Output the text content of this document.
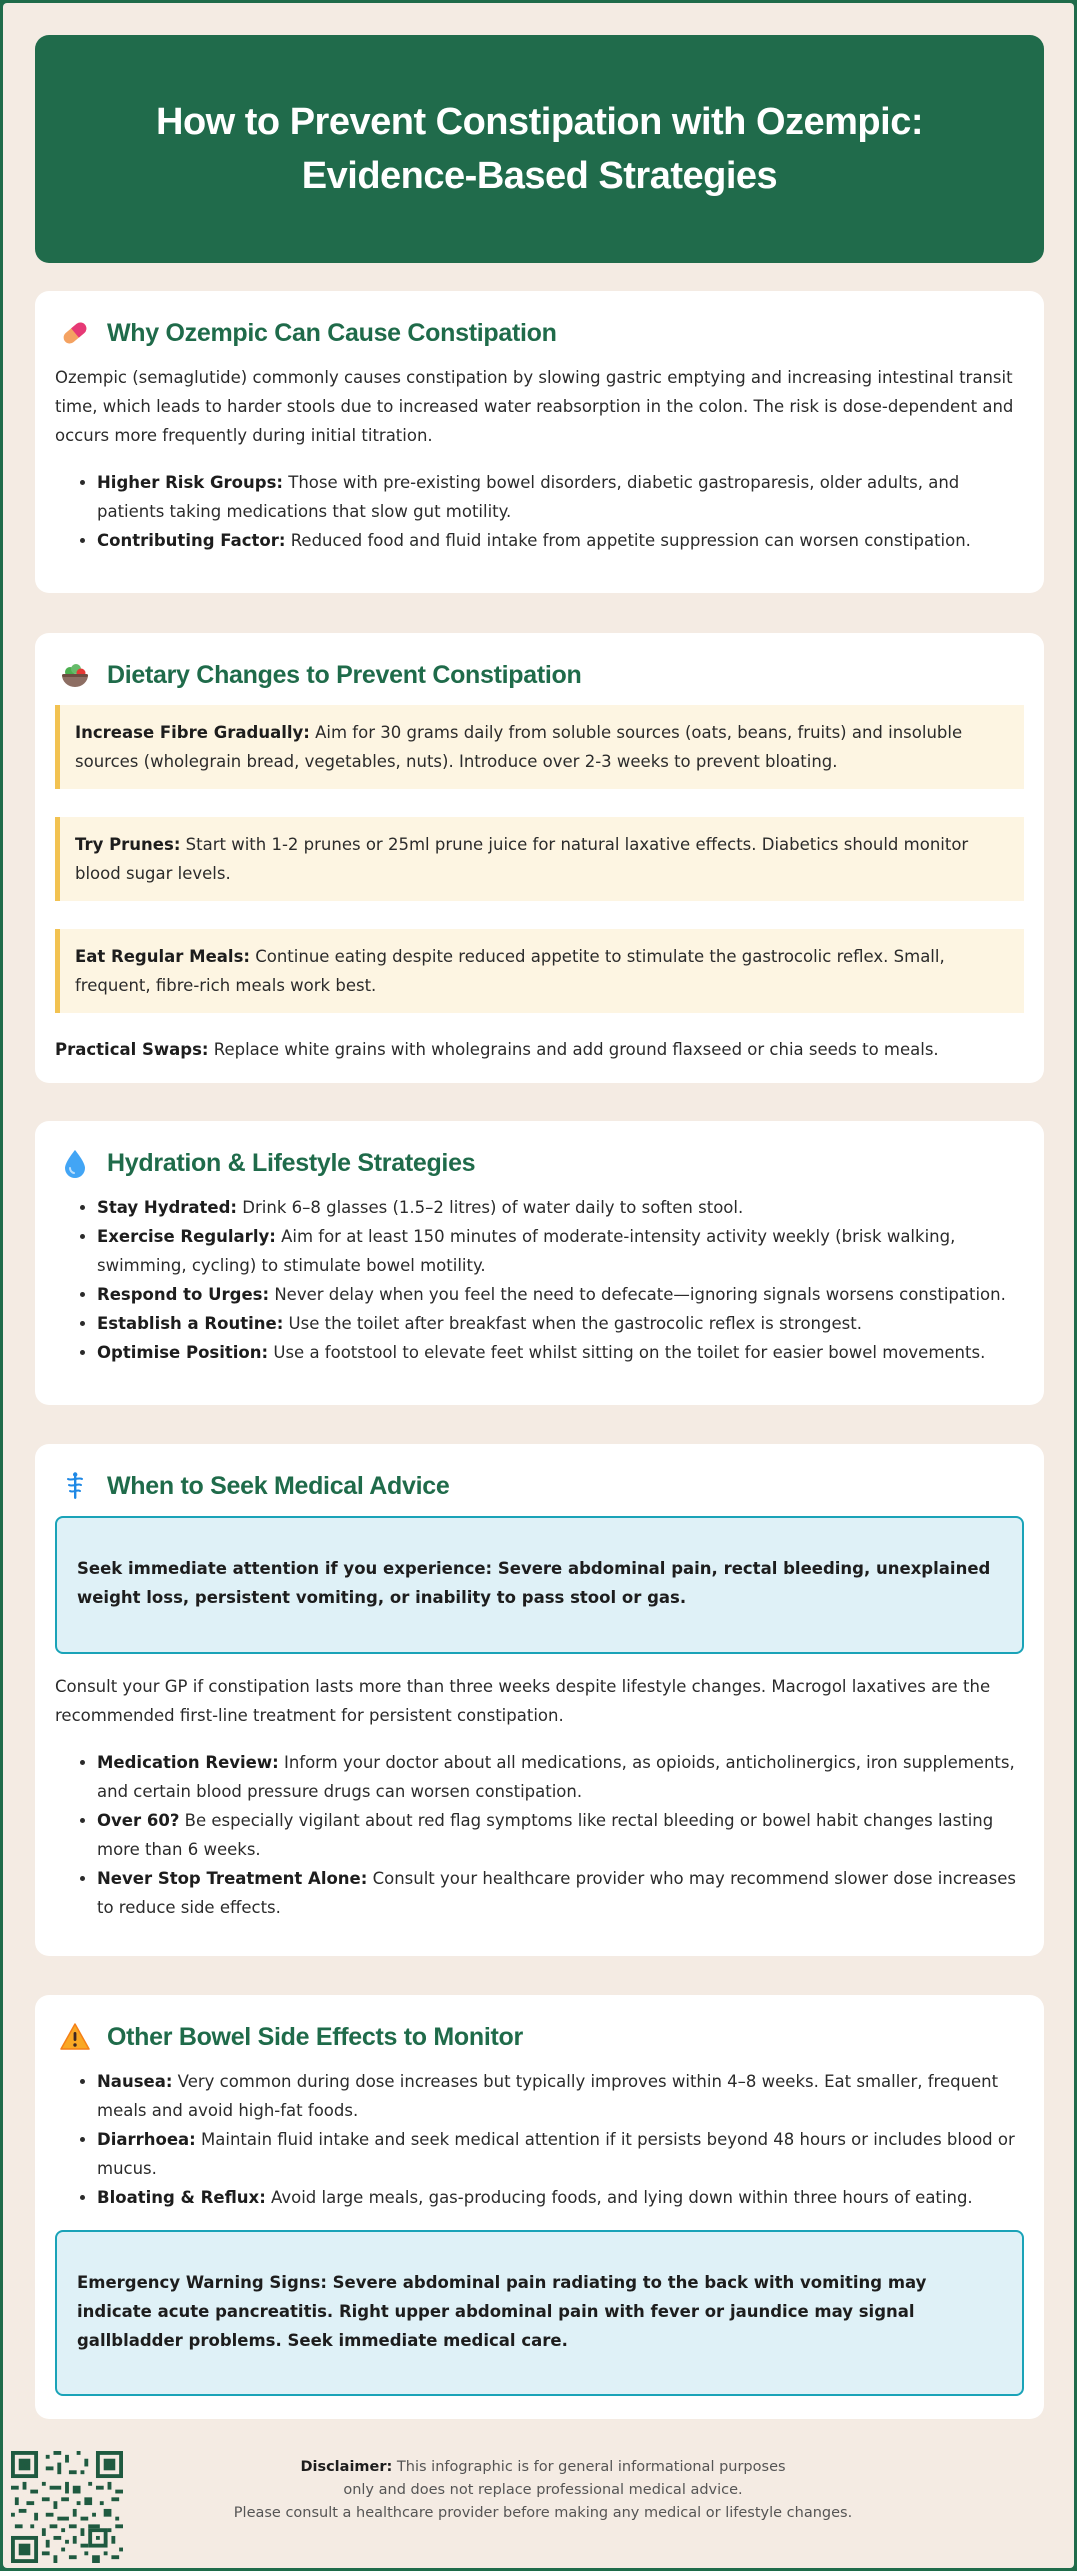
How to Prevent Constipation with Ozempic: Evidence-Based Strategies
Why Ozempic Can Cause Constipation

Ozempic (semaglutide) commonly causes constipation by slowing gastric emptying and increasing intestinal transit time, which leads to harder stools due to increased water reabsorption in the colon. The risk is dose-dependent and occurs more frequently during initial titration.

• Higher Risk Groups: Those with pre-existing bowel disorders, diabetic gastroparesis, older adults, and patients taking medications that slow gut motility.
• Contributing Factor: Reduced food and fluid intake from appetite suppression can worsen constipation.
Dietary Changes to Prevent Constipation
Increase Fibre Gradually: Aim for 30 grams daily from soluble sources (oats, beans, fruits) and insoluble sources (wholegrain bread, vegetables, nuts). Introduce over 2-3 weeks to prevent bloating.
Try Prunes: Start with 1-2 prunes or 25ml prune juice for natural laxative effects. Diabetics should monitor blood sugar levels.
Eat Regular Meals: Continue eating despite reduced appetite to stimulate the gastrocolic reflex. Small, frequent, fibre-rich meals work best.

Practical Swaps: Replace white grains with wholegrains and add ground flaxseed or chia seeds to meals.

Hydration & Lifestyle Strategies
• Stay Hydrated: Drink 6–8 glasses (1.5–2 litres) of water daily to soften stool.
• Exercise Regularly: Aim for at least 150 minutes of moderate-intensity activity weekly (brisk walking, swimming, cycling) to stimulate bowel motility.
• Respond to Urges: Never delay when you feel the need to defecate—ignoring signals worsens constipation.
• Establish a Routine: Use the toilet after breakfast when the gastrocolic reflex is strongest.
• Optimise Position: Use a footstool to elevate feet whilst sitting on the toilet for easier bowel movements.
When to Seek Medical Advice
Seek immediate attention if you experience: Severe abdominal pain, rectal bleeding, unexplained weight loss, persistent vomiting, or inability to pass stool or gas.

Consult your GP if constipation lasts more than three weeks despite lifestyle changes. Macrogol laxatives are the recommended first-line treatment for persistent constipation.

• Medication Review: Inform your doctor about all medications, as opioids, anticholinergics, iron supplements, and certain blood pressure drugs can worsen constipation.
• Over 60? Be especially vigilant about red flag symptoms like rectal bleeding or bowel habit changes lasting more than 6 weeks.
• Never Stop Treatment Alone: Consult your healthcare provider who may recommend slower dose increases to reduce side effects.
Other Bowel Side Effects to Monitor
• Nausea: Very common during dose increases but typically improves within 4–8 weeks. Eat smaller, frequent meals and avoid high-fat foods.
• Diarrhoea: Maintain fluid intake and seek medical attention if it persists beyond 48 hours or includes blood or mucus.
• Bloating & Reflux: Avoid large meals, gas-producing foods, and lying down within three hours of eating.
Emergency Warning Signs: Severe abdominal pain radiating to the back with vomiting may indicate acute pancreatitis. Right upper abdominal pain with fever or jaundice may signal gallbladder problems. Seek immediate medical care.
Disclaimer: This infographic is for general informational purposes
only and does not replace professional medical advice.
Please consult a healthcare provider before making any medical or lifestyle changes.
